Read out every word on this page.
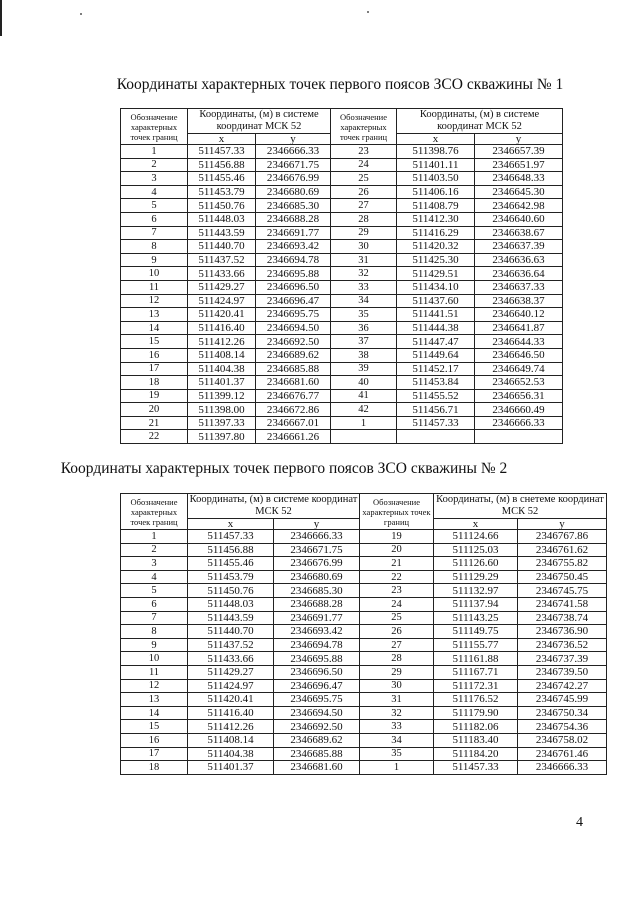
Координаты характерных точек первого поясов ЗСО скважины № 1
Обозначение характерных точек границ	Координаты, (м) в системе координат МСК 52		Обозначение характерных точек границ	Координаты, (м) в системе координат МСК 52	
	x	y		x	y
1	511457.33	2346666.33	23	511398.76	2346657.39
2	511456.88	2346671.75	24	511401.11	2346651.97
3	511455.46	2346676.99	25	511403.50	2346648.33
4	511453.79	2346680.69	26	511406.16	2346645.30
5	511450.76	2346685.30	27	511408.79	2346642.98
6	511448.03	2346688.28	28	511412.30	2346640.60
7	511443.59	2346691.77	29	511416.29	2346638.67
8	511440.70	2346693.42	30	511420.32	2346637.39
9	511437.52	2346694.78	31	511425.30	2346636.63
10	511433.66	2346695.88	32	511429.51	2346636.64
11	511429.27	2346696.50	33	511434.10	2346637.33
12	511424.97	2346696.47	34	511437.60	2346638.37
13	511420.41	2346695.75	35	511441.51	2346640.12
14	511416.40	2346694.50	36	511444.38	2346641.87
15	511412.26	2346692.50	37	511447.47	2346644.33
16	511408.14	2346689.62	38	511449.64	2346646.50
17	511404.38	2346685.88	39	511452.17	2346649.74
18	511401.37	2346681.60	40	511453.84	2346652.53
19	511399.12	2346676.77	41	511455.52	2346656.31
20	511398.00	2346672.86	42	511456.71	2346660.49
21	511397.33	2346667.01	1	511457.33	2346666.33
22	511397.80	2346661.26			
Координаты характерных точек первого поясов ЗСО скважины № 2
Обозначение характерных точек границ	Координаты, (м) в системе координат МСК 52		Обозначение характерных точек границ	Координаты, (м) в снетеме координат МСК 52	
	x	y		x	y
1	511457.33	2346666.33	19	511124.66	2346767.86
2	511456.88	2346671.75	20	511125.03	2346761.62
3	511455.46	2346676.99	21	511126.60	2346755.82
4	511453.79	2346680.69	22	511129.29	2346750.45
5	511450.76	2346685.30	23	511132.97	2346745.75
6	511448.03	2346688.28	24	511137.94	2346741.58
7	511443.59	2346691.77	25	511143.25	2346738.74
8	511440.70	2346693.42	26	511149.75	2346736.90
9	511437.52	2346694.78	27	511155.77	2346736.52
10	511433.66	2346695.88	28	511161.88	2346737.39
11	511429.27	2346696.50	29	511167.71	2346739.50
12	511424.97	2346696.47	30	511172.31	2346742.27
13	511420.41	2346695.75	31	511176.52	2346745.99
14	511416.40	2346694.50	32	511179.90	2346750.34
15	511412.26	2346692.50	33	511182.06	2346754.36
16	511408.14	2346689.62	34	511183.40	2346758.02
17	511404.38	2346685.88	35	511184.20	2346761.46
18	511401.37	2346681.60	1	511457.33	2346666.33
4
